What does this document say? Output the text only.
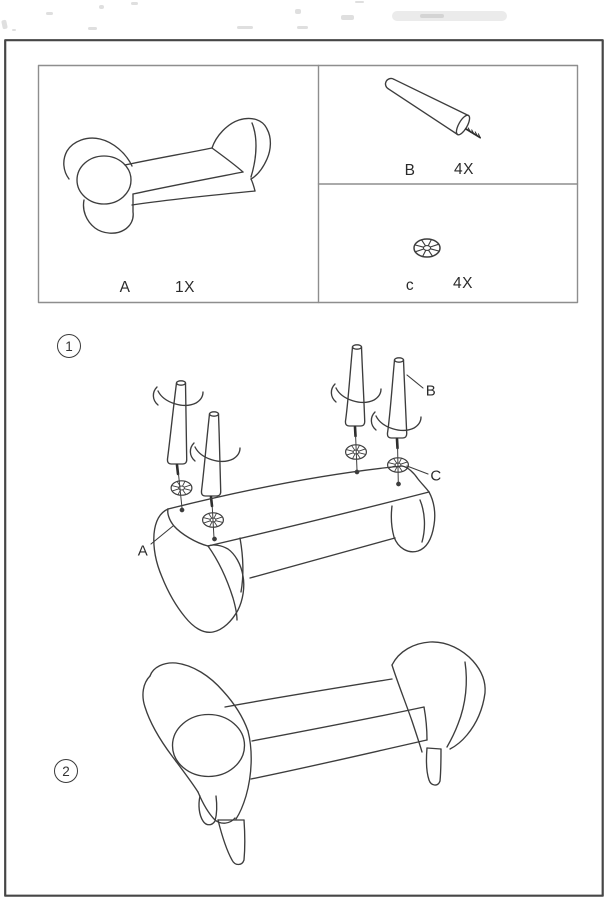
A	1X
B 4X
c	4X
1
2
A
B
C
